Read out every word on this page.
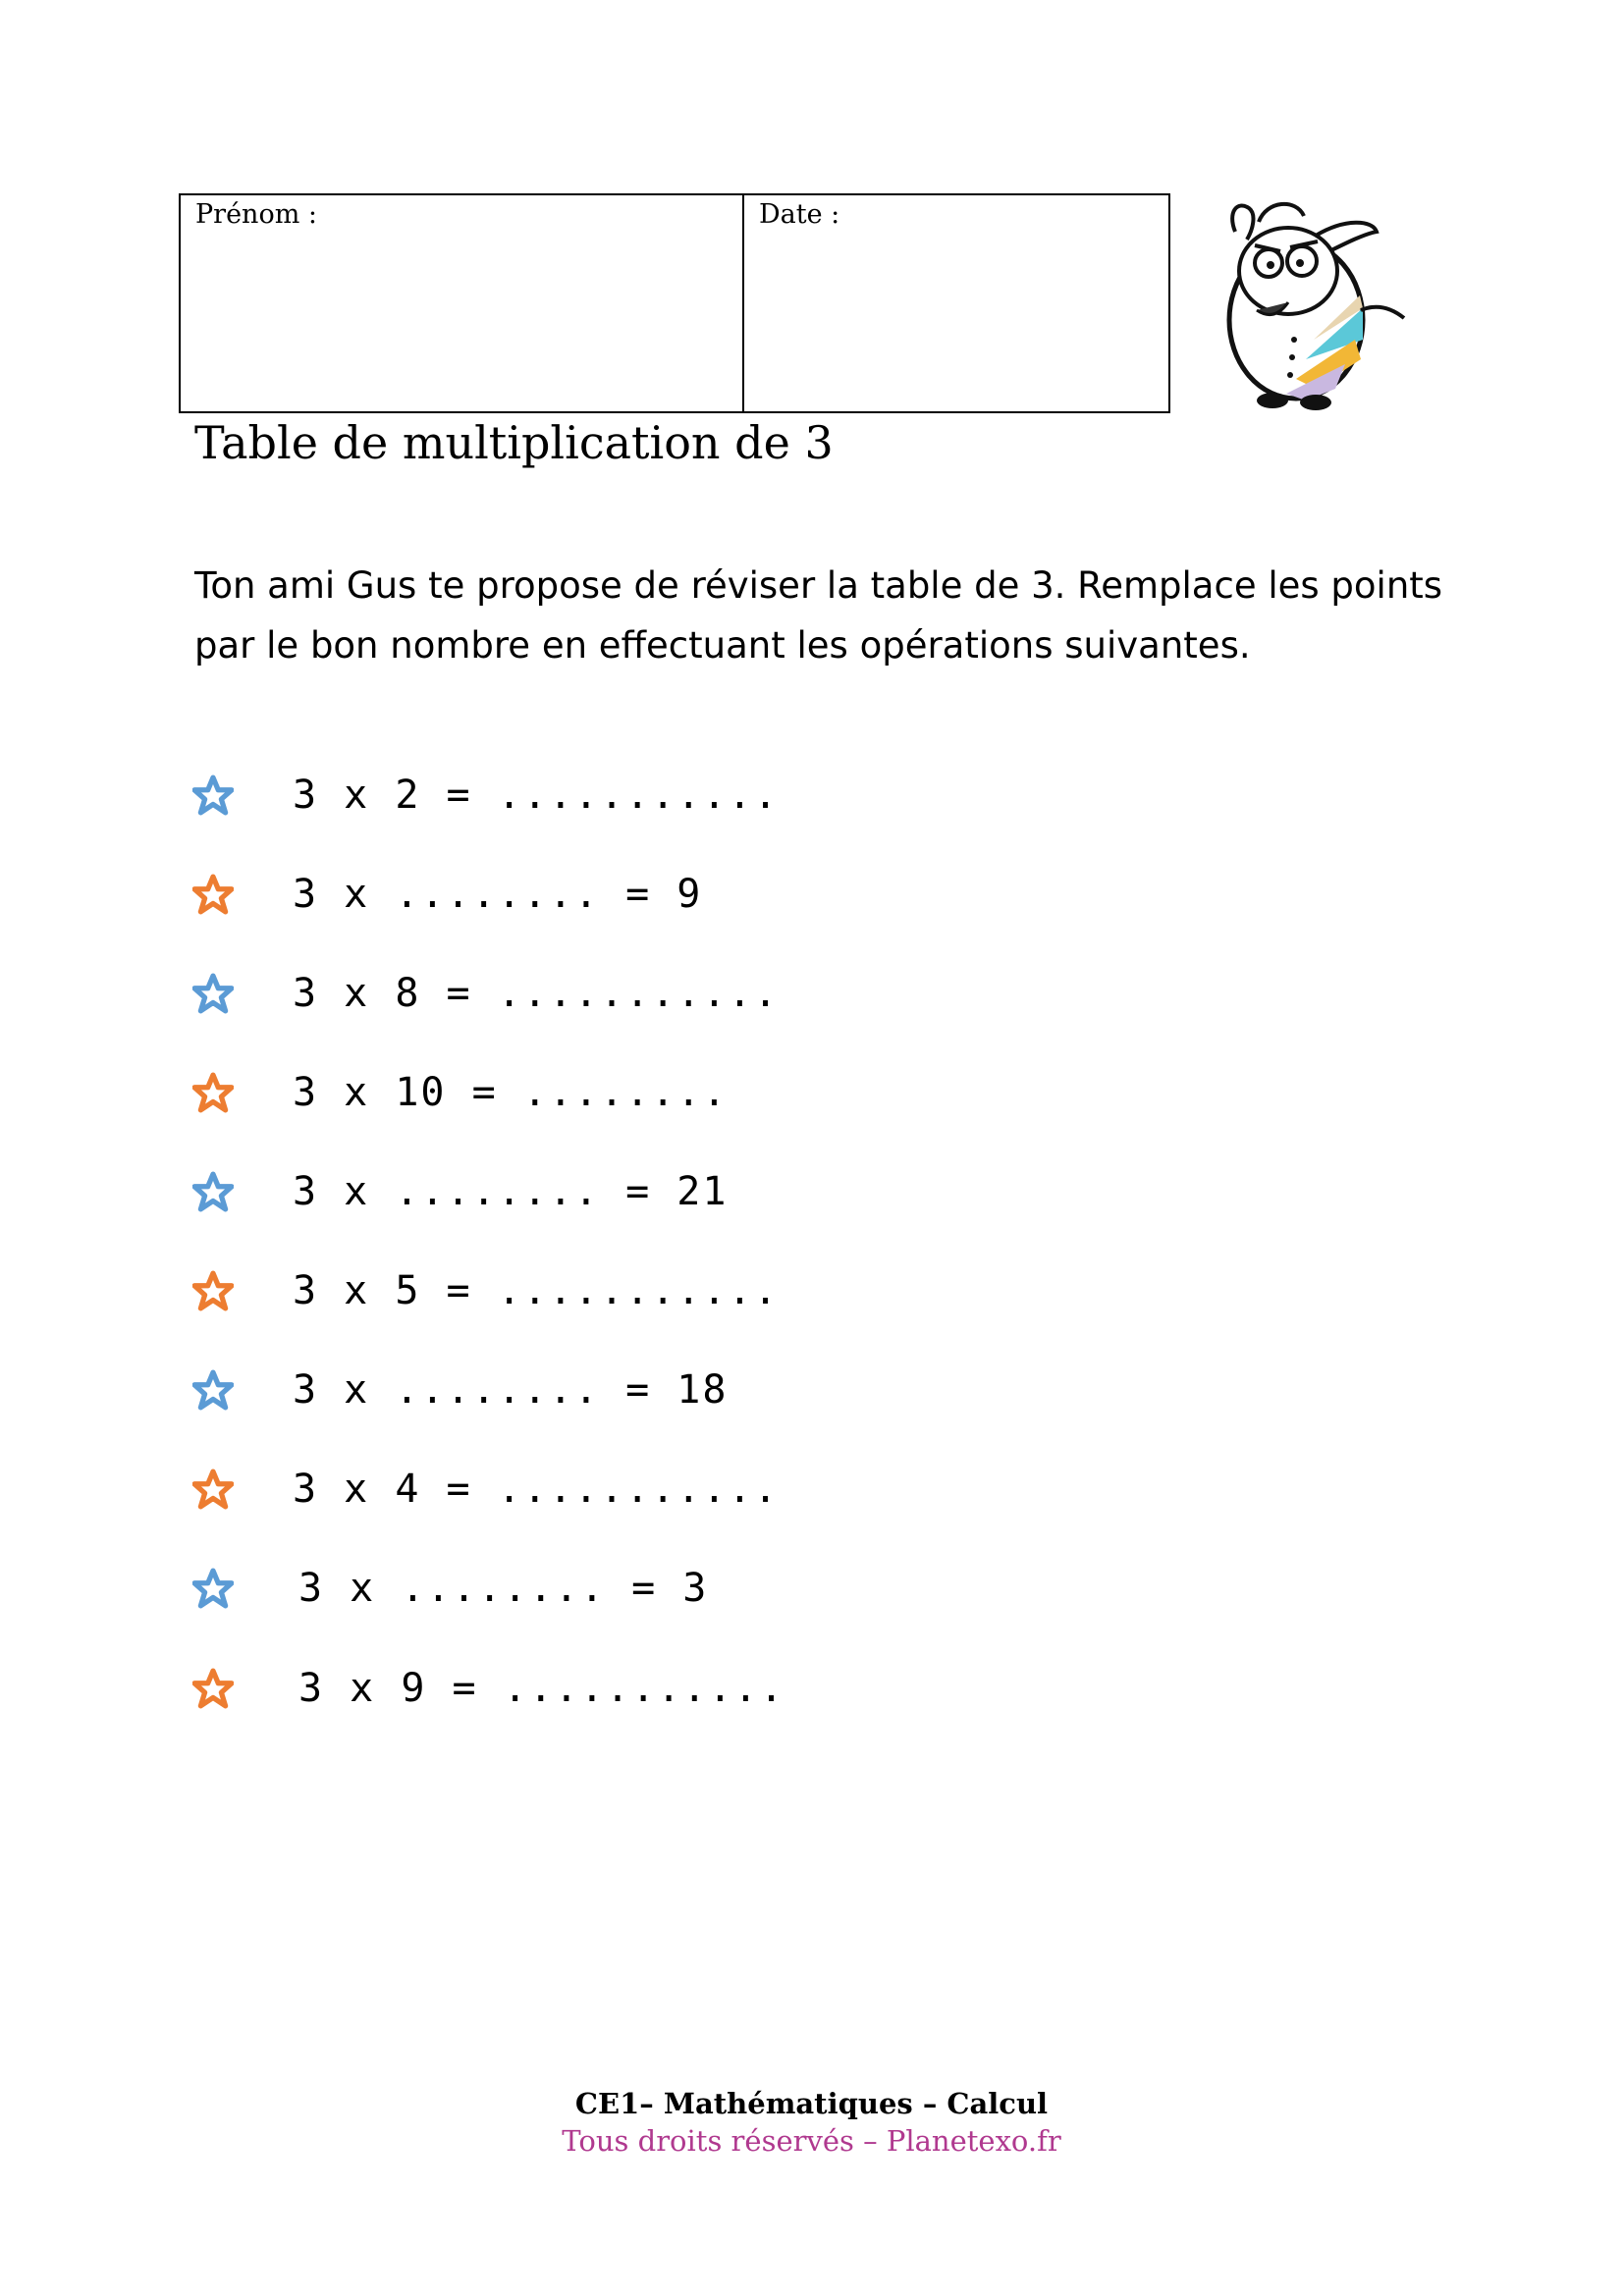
Prénom :	Date :
Table de multiplication de 3
Ton ami Gus te propose de réviser la table de 3. Remplace les points
par le bon nombre en effectuant les opérations suivantes.
3 x 2 = ...........
3 x ........ = 9
3 x 8 = ...........
3 x 10 = ........
3 x ........ = 21
3 x 5 = ...........
3 x ........ = 18
3 x 4 = ...........
3 x ........ = 3
3 x 9 = ...........
CE1– Mathématiques – Calcul
Tous droits réservés – Planetexo.fr
